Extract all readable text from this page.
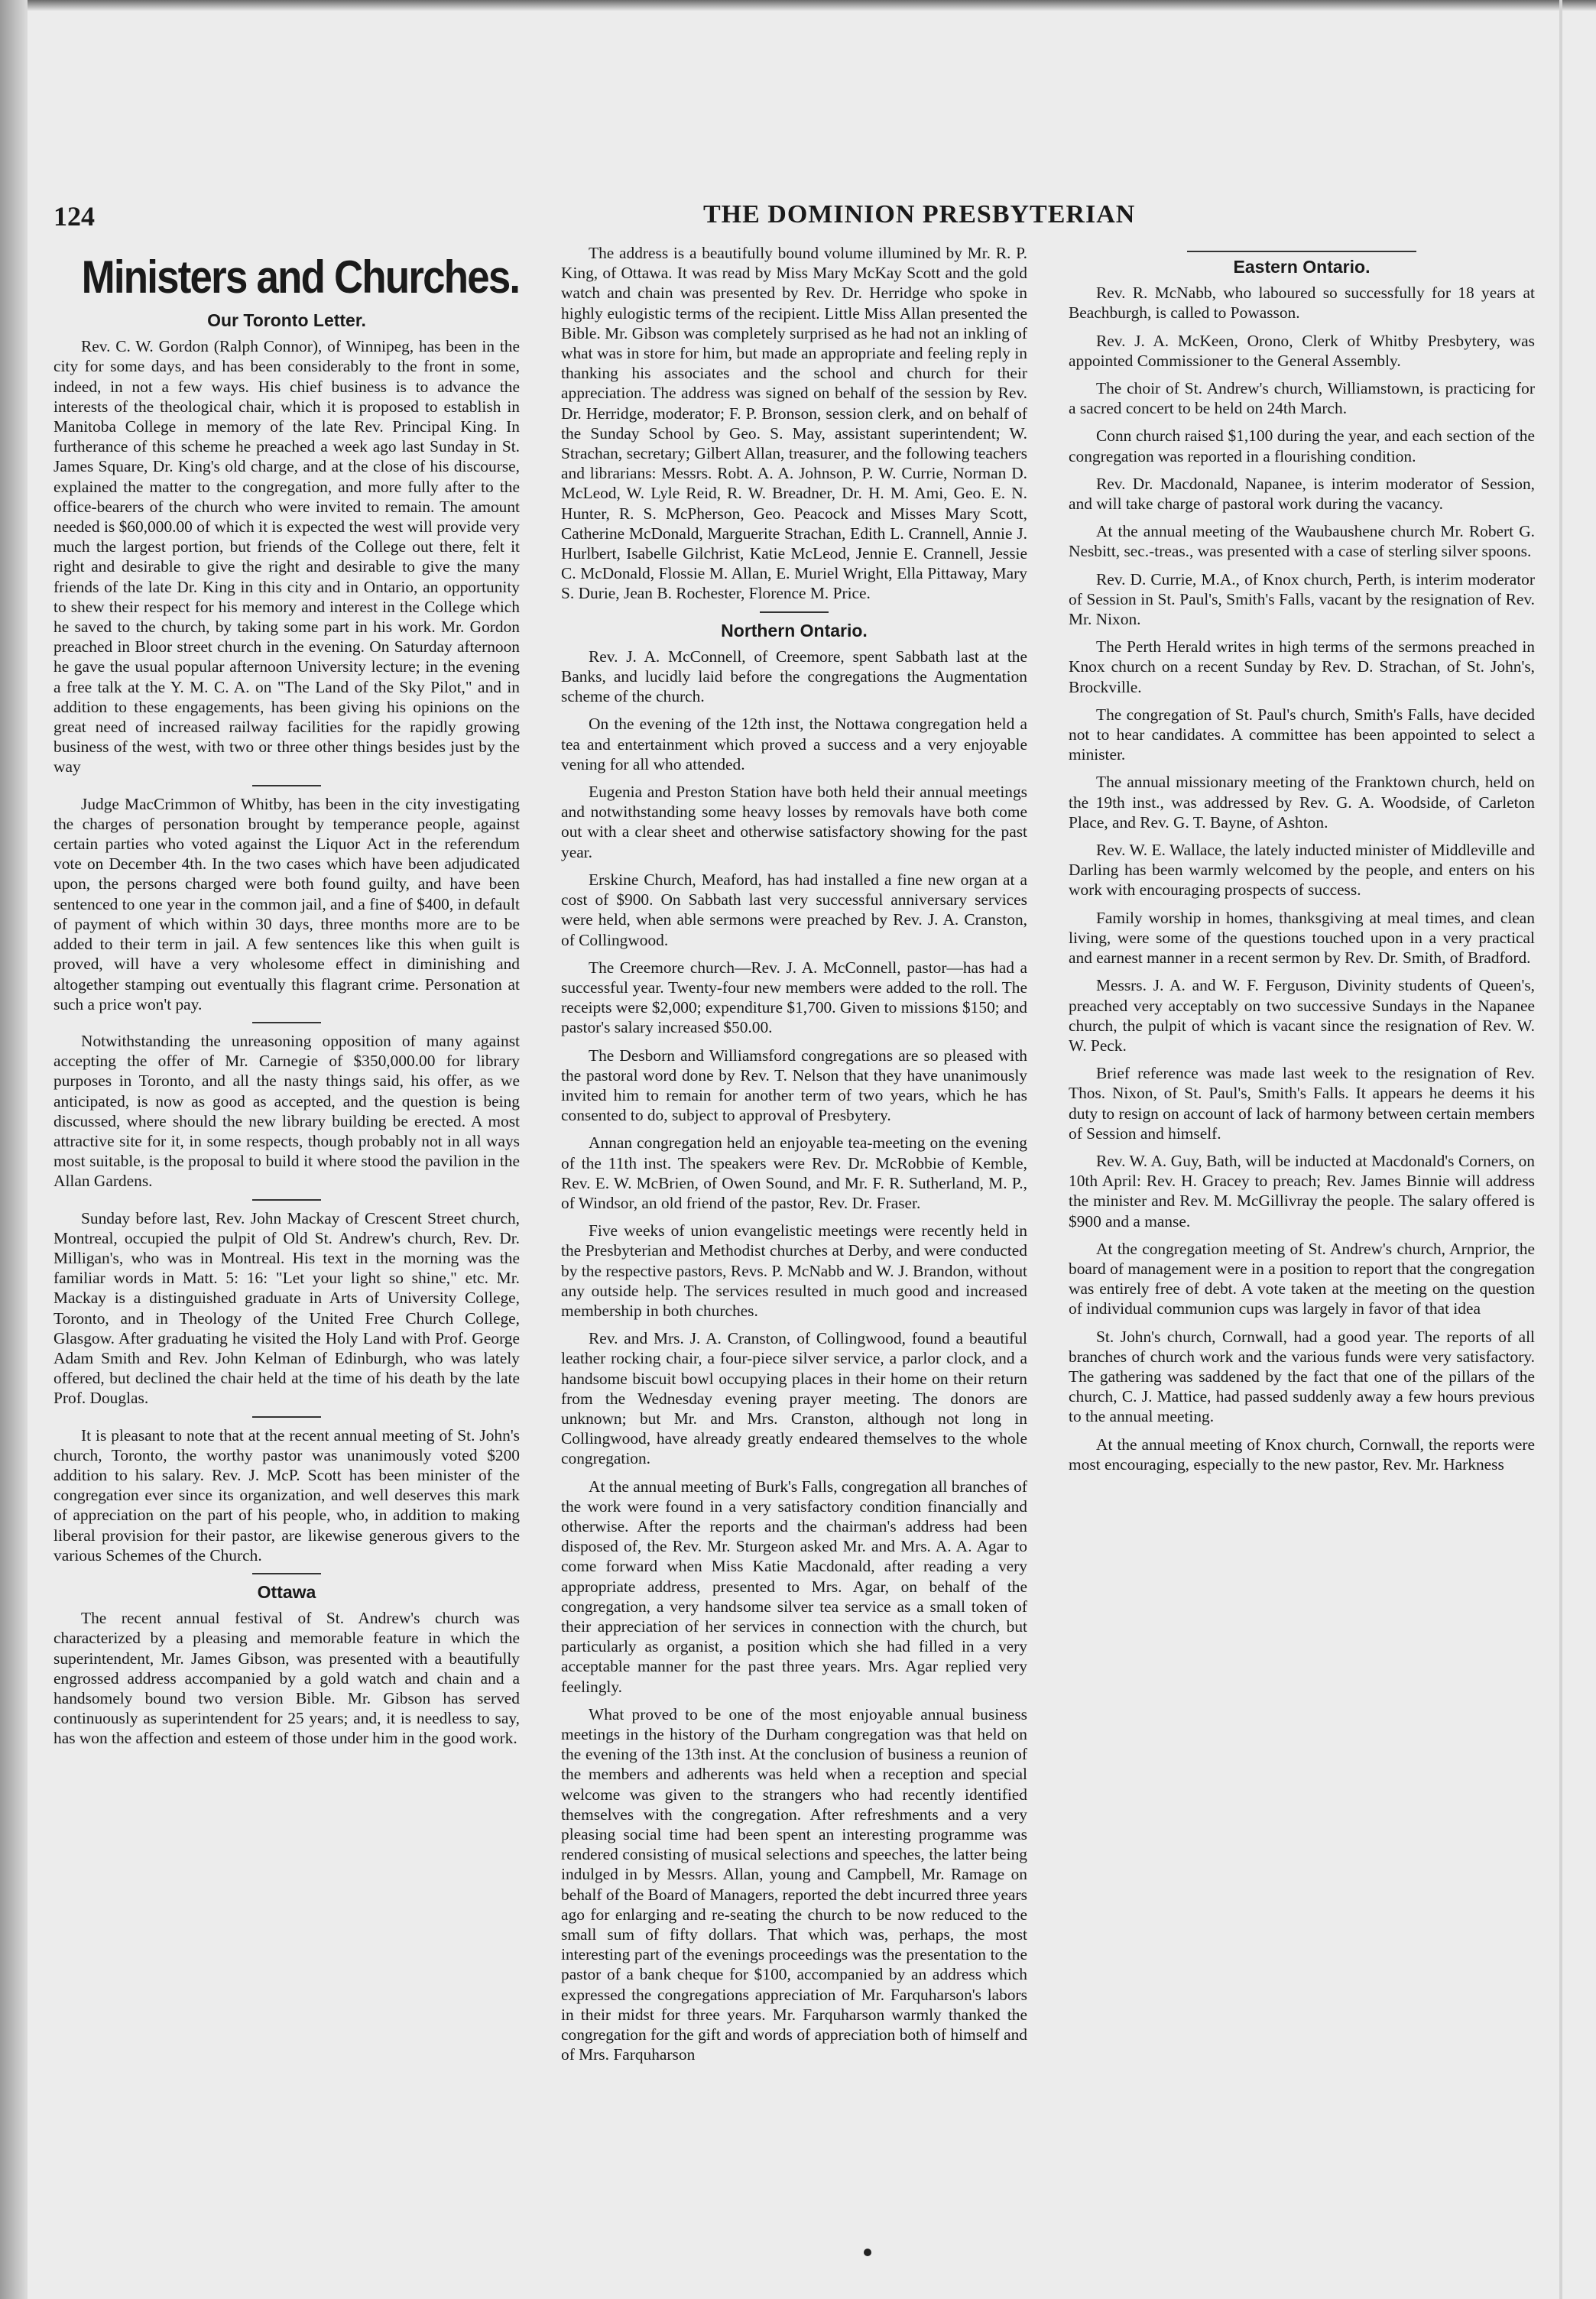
124	THE DOMINION PRESBYTERIAN
Ministers and Churches.
Our Toronto Letter.

Rev. C. W. Gordon (Ralph Connor), of Winnipeg, has been in the city for some days, and has been considerably to the front in some, indeed, in not a few ways. His chief business is to advance the interests of the theological chair, which it is proposed to establish in Manitoba College in memory of the late Rev. Principal King. In furtherance of this scheme he preached a week ago last Sunday in St. James Square, Dr. King's old charge, and at the close of his discourse, explained the matter to the congregation, and more fully after to the office-bearers of the church who were invited to remain. The amount needed is $60,000.00 of which it is expected the west will provide very much the largest portion, but friends of the College out there, felt it right and desirable to give the right and desirable to give the many friends of the late Dr. King in this city and in Ontario, an opportunity to shew their respect for his memory and interest in the College which he saved to the church, by taking some part in his work. Mr. Gordon preached in Bloor street church in the evening. On Saturday afternoon he gave the usual popular afternoon University lecture; in the evening a free talk at the Y. M. C. A. on "The Land of the Sky Pilot," and in addition to these engagements, has been giving his opinions on the great need of increased railway facilities for the rapidly growing business of the west, with two or three other things besides just by the way

Judge MacCrimmon of Whitby, has been in the city investigating the charges of personation brought by temperance people, against certain parties who voted against the Liquor Act in the referendum vote on December 4th. In the two cases which have been adjudicated upon, the persons charged were both found guilty, and have been sentenced to one year in the common jail, and a fine of $400, in default of payment of which within 30 days, three months more are to be added to their term in jail. A few sentences like this when guilt is proved, will have a very wholesome effect in diminishing and altogether stamping out eventually this flagrant crime. Personation at such a price won't pay.

Notwithstanding the unreasoning opposition of many against accepting the offer of Mr. Carnegie of $350,000.00 for library purposes in Toronto, and all the nasty things said, his offer, as we anticipated, is now as good as accepted, and the question is being discussed, where should the new library building be erected. A most attractive site for it, in some respects, though probably not in all ways most suitable, is the proposal to build it where stood the pavilion in the Allan Gardens.

Sunday before last, Rev. John Mackay of Crescent Street church, Montreal, occupied the pulpit of Old St. Andrew's church, Rev. Dr. Milligan's, who was in Montreal. His text in the morning was the familiar words in Matt. 5: 16: "Let your light so shine," etc. Mr. Mackay is a distinguished graduate in Arts of University College, Toronto, and in Theology of the United Free Church College, Glasgow. After graduating he visited the Holy Land with Prof. George Adam Smith and Rev. John Kelman of Edinburgh, who was lately offered, but declined the chair held at the time of his death by the late Prof. Douglas.

It is pleasant to note that at the recent annual meeting of St. John's church, Toronto, the worthy pastor was unanimously voted $200 addition to his salary. Rev. J. McP. Scott has been minister of the congregation ever since its organization, and well deserves this mark of appreciation on the part of his people, who, in addition to making liberal provision for their pastor, are likewise generous givers to the various Schemes of the Church.

Ottawa

The recent annual festival of St. Andrew's church was characterized by a pleasing and memorable feature in which the superintendent, Mr. James Gibson, was presented with a beautifully engrossed address accompanied by a gold watch and chain and a handsomely bound two version Bible. Mr. Gibson has served continuously as superintendent for 25 years; and, it is needless to say, has won the affection and esteem of those under him in the good work.

The address is a beautifully bound volume illumined by Mr. R. P. King, of Ottawa. It was read by Miss Mary McKay Scott and the gold watch and chain was presented by Rev. Dr. Herridge who spoke in highly eulogistic terms of the recipient. Little Miss Allan presented the Bible. Mr. Gibson was completely surprised as he had not an inkling of what was in store for him, but made an appropriate and feeling reply in thanking his associates and the school and church for their appreciation. The address was signed on behalf of the session by Rev. Dr. Herridge, moderator; F. P. Bronson, session clerk, and on behalf of the Sunday School by Geo. S. May, assistant superintendent; W. Strachan, secretary; Gilbert Allan, treasurer, and the following teachers and librarians: Messrs. Robt. A. A. Johnson, P. W. Currie, Norman D. McLeod, W. Lyle Reid, R. W. Breadner, Dr. H. M. Ami, Geo. E. N. Hunter, R. S. McPherson, Geo. Peacock and Misses Mary Scott, Catherine McDonald, Marguerite Strachan, Edith L. Crannell, Annie J. Hurlbert, Isabelle Gilchrist, Katie McLeod, Jennie E. Crannell, Jessie C. McDonald, Flossie M. Allan, E. Muriel Wright, Ella Pittaway, Mary S. Durie, Jean B. Rochester, Florence M. Price.

Northern Ontario.

Rev. J. A. McConnell, of Creemore, spent Sabbath last at the Banks, and lucidly laid before the congregations the Augmentation scheme of the church.

On the evening of the 12th inst, the Nottawa congregation held a tea and entertainment which proved a success and a very enjoyable vening for all who attended.

Eugenia and Preston Station have both held their annual meetings and notwithstanding some heavy losses by removals have both come out with a clear sheet and otherwise satisfactory showing for the past year.

Erskine Church, Meaford, has had installed a fine new organ at a cost of $900. On Sabbath last very successful anniversary services were held, when able sermons were preached by Rev. J. A. Cranston, of Collingwood.

The Creemore church—Rev. J. A. McConnell, pastor—has had a successful year. Twenty-four new members were added to the roll. The receipts were $2,000; expenditure $1,700. Given to missions $150; and pastor's salary increased $50.00.

The Desborn and Williamsford congregations are so pleased with the pastoral word done by Rev. T. Nelson that they have unanimously invited him to remain for another term of two years, which he has consented to do, subject to approval of Presbytery.

Annan congregation held an enjoyable tea-meeting on the evening of the 11th inst. The speakers were Rev. Dr. McRobbie of Kemble, Rev. E. W. McBrien, of Owen Sound, and Mr. F. R. Sutherland, M. P., of Windsor, an old friend of the pastor, Rev. Dr. Fraser.

Five weeks of union evangelistic meetings were recently held in the Presbyterian and Methodist churches at Derby, and were conducted by the respective pastors, Revs. P. McNabb and W. J. Brandon, without any outside help. The services resulted in much good and increased membership in both churches.

Rev. and Mrs. J. A. Cranston, of Collingwood, found a beautiful leather rocking chair, a four-piece silver service, a parlor clock, and a handsome biscuit bowl occupying places in their home on their return from the Wednesday evening prayer meeting. The donors are unknown; but Mr. and Mrs. Cranston, although not long in Collingwood, have already greatly endeared themselves to the whole congregation.

At the annual meeting of Burk's Falls, congregation all branches of the work were found in a very satisfactory condition financially and otherwise. After the reports and the chairman's address had been disposed of, the Rev. Mr. Sturgeon asked Mr. and Mrs. A. A. Agar to come forward when Miss Katie Macdonald, after reading a very appropriate address, presented to Mrs. Agar, on behalf of the congregation, a very handsome silver tea service as a small token of their appreciation of her services in connection with the church, but particularly as organist, a position which she had filled in a very acceptable manner for the past three years. Mrs. Agar replied very feelingly.

What proved to be one of the most enjoyable annual business meetings in the history of the Durham congregation was that held on the evening of the 13th inst. At the conclusion of business a reunion of the members and adherents was held when a reception and special welcome was given to the strangers who had recently identified themselves with the congregation. After refreshments and a very pleasing social time had been spent an interesting programme was rendered consisting of musical selections and speeches, the latter being indulged in by Messrs. Allan, young and Campbell, Mr. Ramage on behalf of the Board of Managers, reported the debt incurred three years ago for enlarging and re-seating the church to be now reduced to the small sum of fifty dollars. That which was, perhaps, the most interesting part of the evenings proceedings was the presentation to the pastor of a bank cheque for $100, accompanied by an address which expressed the congregations appreciation of Mr. Farquharson's labors in their midst for three years. Mr. Farquharson warmly thanked the congregation for the gift and words of appreciation both of himself and of Mrs. Farquharson

Eastern Ontario.

Rev. R. McNabb, who laboured so successfully for 18 years at Beachburgh, is called to Powasson.

Rev. J. A. McKeen, Orono, Clerk of Whitby Presbytery, was appointed Commissioner to the General Assembly.

The choir of St. Andrew's church, Williamstown, is practicing for a sacred concert to be held on 24th March.

Conn church raised $1,100 during the year, and each section of the congregation was reported in a flourishing condition.

Rev. Dr. Macdonald, Napanee, is interim moderator of Session, and will take charge of pastoral work during the vacancy.

At the annual meeting of the Waubaushene church Mr. Robert G. Nesbitt, sec.-treas., was presented with a case of sterling silver spoons.

Rev. D. Currie, M.A., of Knox church, Perth, is interim moderator of Session in St. Paul's, Smith's Falls, vacant by the resignation of Rev. Mr. Nixon.

The Perth Herald writes in high terms of the sermons preached in Knox church on a recent Sunday by Rev. D. Strachan, of St. John's, Brockville.

The congregation of St. Paul's church, Smith's Falls, have decided not to hear candidates. A committee has been appointed to select a minister.

The annual missionary meeting of the Franktown church, held on the 19th inst., was addressed by Rev. G. A. Woodside, of Carleton Place, and Rev. G. T. Bayne, of Ashton.

Rev. W. E. Wallace, the lately inducted minister of Middleville and Darling has been warmly welcomed by the people, and enters on his work with encouraging prospects of success.

Family worship in homes, thanksgiving at meal times, and clean living, were some of the questions touched upon in a very practical and earnest manner in a recent sermon by Rev. Dr. Smith, of Bradford.

Messrs. J. A. and W. F. Ferguson, Divinity students of Queen's, preached very acceptably on two successive Sundays in the Napanee church, the pulpit of which is vacant since the resignation of Rev. W. W. Peck.

Brief reference was made last week to the resignation of Rev. Thos. Nixon, of St. Paul's, Smith's Falls. It appears he deems it his duty to resign on account of lack of harmony between certain members of Session and himself.

Rev. W. A. Guy, Bath, will be inducted at Macdonald's Corners, on 10th April: Rev. H. Gracey to preach; Rev. James Binnie will address the minister and Rev. M. McGillivray the people. The salary offered is $900 and a manse.

At the congregation meeting of St. Andrew's church, Arnprior, the board of management were in a position to report that the congregation was entirely free of debt. A vote taken at the meeting on the question of individual communion cups was largely in favor of that idea

St. John's church, Cornwall, had a good year. The reports of all branches of church work and the various funds were very satisfactory. The gathering was saddened by the fact that one of the pillars of the church, C. J. Mattice, had passed suddenly away a few hours previous to the annual meeting.

At the annual meeting of Knox church, Cornwall, the reports were most encouraging, especially to the new pastor, Rev. Mr. Harkness
